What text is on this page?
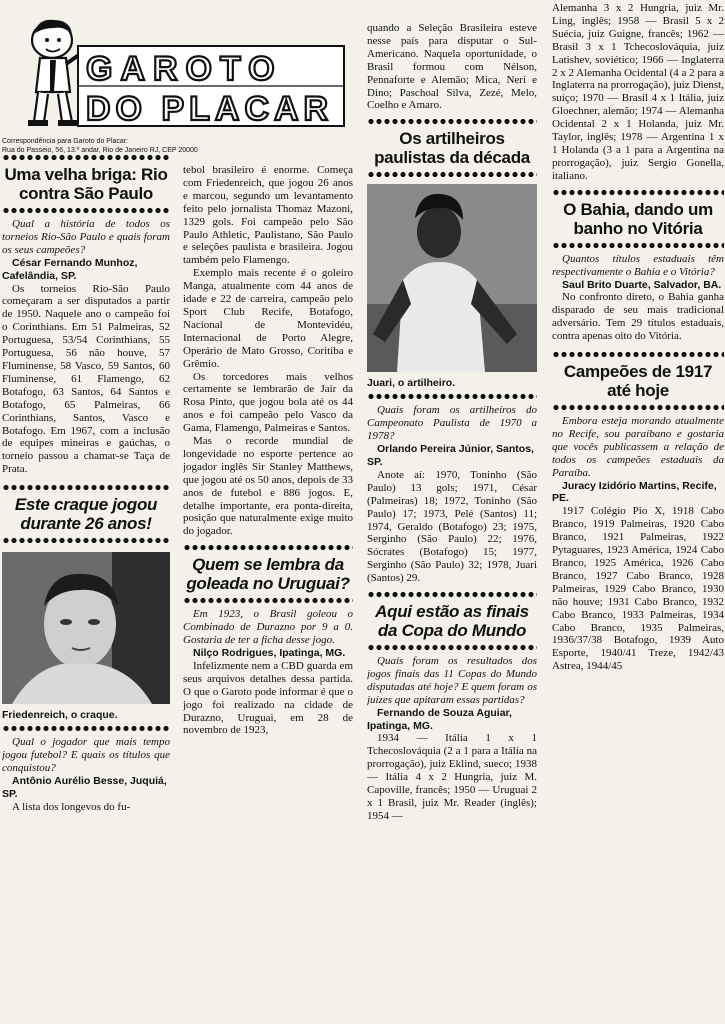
GAROTO
DO PLACAR
Correspondência para Garoto do Placar:
Rua do Passeio, 56, 13.º andar, Rio de Janeiro RJ, CEP 20000
Uma velha briga: Rio contra São Paulo

Qual a história de todos os torneios Rio-São Paulo e quais foram os seus campeões?

César Fernando Munhoz, Cafelândia, SP.

Os torneios Rio-São Paulo começaram a ser disputados a partir de 1950. Naquele ano o campeão foi o Corinthians. Em 51 Palmeiras, 52 Portuguesa, 53/54 Corinthians, 55 Portuguesa, 56 não houve, 57 Fluminense, 58 Vasco, 59 Santos, 60 Fluminense, 61 Flamengo, 62 Botafogo, 63 Santos, 64 Santos e Botafogo, 65 Palmeiras, 66 Corinthians, Santos, Vasco e Botafogo. Em 1967, com a inclusão de equipes mineiras e gaúchas, o torneio passou a chamar-se Taça de Prata.

Este craque jogou durante 26 anos!
Friedenreich, o craque.

Qual o jogador que mais tempo jogou futebol? E quais os títulos que conquistou?

Antônio Aurélio Besse, Juquiá, SP.

A lista dos longevos do fu-

tebol brasileiro é enorme. Começa com Friedenreich, que jogou 26 anos e marcou, segundo um levantamento feito pelo jornalista Thomaz Mazoni, 1329 gols. Foi campeão pelo São Paulo Athletic, Paulistano, São Paulo e seleções paulista e brasileira. Jogou também pelo Flamengo.

Exemplo mais recente é o goleiro Manga, atualmente com 44 anos de idade e 22 de carreira, campeão pelo Sport Club Recife, Botafogo, Nacional de Montevidéu, Internacional de Porto Alegre, Operário de Mato Grosso, Coritiba e Grêmio.

Os torcedores mais velhos certamente se lembrarão de Jair da Rosa Pinto, que jogou bola até os 44 anos e foi campeão pelo Vasco da Gama, Flamengo, Palmeiras e Santos.

Mas o recorde mundial de longevidade no esporte pertence ao jogador inglês Sir Stanley Matthews, que jogou até os 50 anos, depois de 33 anos de futebol e 886 jogos. E, detalhe importante, era ponta-direita, posição que naturalmente exige muito do jogador.

Quem se lembra da goleada no Uruguai?

Em 1923, o Brasil goleou o Combinado de Durazno por 9 a 0. Gostaria de ter a ficha desse jogo.

Nilço Rodrigues, Ipatinga, MG.

Infelizmente nem a CBD guarda em seus arquivos detalhes dessa partida. O que o Garoto pode informar é que o jogo foi realizado na cidade de Durazno, Uruguai, em 28 de novembro de 1923,

quando a Seleção Brasileira esteve nesse país para disputar o Sul-Americano. Naquela oportunidade, o Brasil formou com Nélson, Pennaforte e Alemão; Mica, Neri e Dino; Paschoal Silva, Zezé, Melo, Coelho e Amaro.

Os artilheiros paulistas da década
Juari, o artilheiro.

Quais foram os artilheiros do Campeonato Paulista de 1970 a 1978?

Orlando Pereira Júnior, Santos, SP.

Anote aí: 1970, Toninho (São Paulo) 13 gols; 1971, César (Palmeiras) 18; 1972, Toninho (São Paulo) 17; 1973, Pelé (Santos) 11; 1974, Geraldo (Botafogo) 23; 1975, Serginho (São Paulo) 22; 1976, Sócrates (Botafogo) 15; 1977, Serginho (São Paulo) 32; 1978, Juari (Santos) 29.

Aqui estão as finais da Copa do Mundo

Quais foram os resultados dos jogos finais das 11 Copas do Mundo disputadas até hoje? E quem foram os juízes que apitaram essas partidas?

Fernando de Souza Aguiar, Ipatinga, MG.

1934 — Itália 1 x 1 Tchecoslováquia (2 a 1 para a Itália na prorrogação), juiz Eklind, sueco; 1938 — Itália 4 x 2 Hungria, juiz M. Capoville, francês; 1950 — Uruguai 2 x 1 Brasil, juiz Mr. Reader (inglês); 1954 —

Alemanha 3 x 2 Hungria, juiz Mr. Ling, inglês; 1958 — Brasil 5 x 2 Suécia, juiz Guigne, francês; 1962 — Brasil 3 x 1 Tchecoslováquia, juiz Latishev, soviético; 1966 — Inglaterra 2 x 2 Alemanha Ocidental (4 a 2 para a Inglaterra na prorrogação), juiz Dienst, suíço; 1970 — Brasil 4 x 1 Itália, juiz Gloechner, alemão; 1974 — Alemanha Ocidental 2 x 1 Holanda, juiz Mr. Taylor, inglês; 1978 — Argentina 1 x 1 Holanda (3 a 1 para a Argentina na prorrogação), juiz Sergio Gonella, italiano.

O Bahia, dando um banho no Vitória

Quantos títulos estaduais têm respectivamente o Bahia e o Vitória?

Saul Brito Duarte, Salvador, BA.

No confronto direto, o Bahia ganha disparado de seu mais tradicional adversário. Tem 29 títulos estaduais, contra apenas oito do Vitória.

Campeões de 1917 até hoje

Embora esteja morando atualmente no Recife, sou paraibano e gostaria que vocês publicassem a relação de todos os campeões estaduais da Paraíba.

Juracy Izidório Martins, Recife, PE.

1917 Colégio Pio X, 1918 Cabo Branco, 1919 Palmeiras, 1920 Cabo Branco, 1921 Palmeiras, 1922 Pytaguares, 1923 América, 1924 Cabo Branco, 1925 América, 1926 Cabo Branco, 1927 Cabo Branco, 1928 Palmeiras, 1929 Cabo Branco, 1930 não houve; 1931 Cabo Branco, 1932 Cabo Branco, 1933 Palmeiras, 1934 Cabo Branco, 1935 Palmeiras, 1936/37/38 Botafogo, 1939 Auto Esporte, 1940/41 Treze, 1942/43 Astrea, 1944/45
